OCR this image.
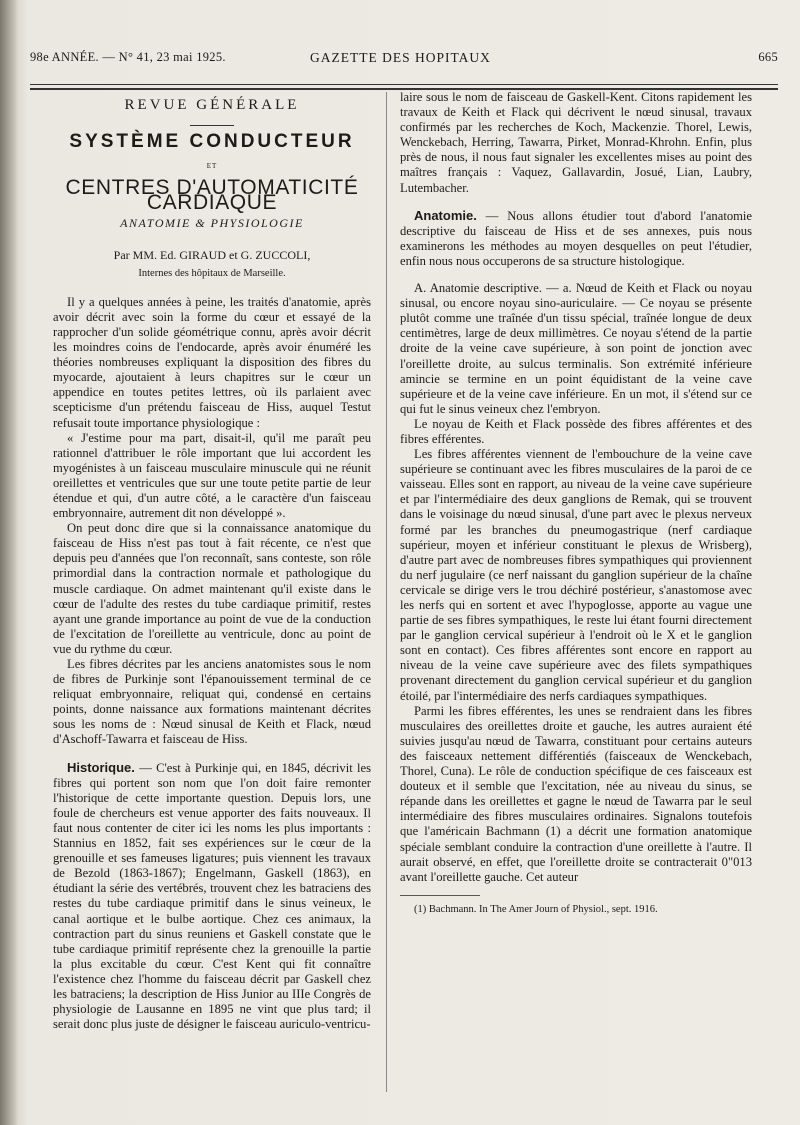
98e ANNÉE. — N° 41, 23 mai 1925.	GAZETTE DES HOPITAUX	665
REVUE GÉNÉRALE
SYSTÈME CONDUCTEUR
ET
CENTRES D'AUTOMATICITÉ CARDIAQUE
ANATOMIE & PHYSIOLOGIE
Par MM. Ed. GIRAUD et G. ZUCCOLI,
Internes des hôpitaux de Marseille.

Il y a quelques années à peine, les traités d'anatomie, après avoir décrit avec soin la forme du cœur et essayé de la rapprocher d'un solide géométrique connu, après avoir décrit les moindres coins de l'endocarde, après avoir énuméré les théories nombreuses expliquant la disposition des fibres du myocarde, ajoutaient à leurs chapitres sur le cœur un appendice en toutes petites lettres, où ils parlaient avec scepticisme d'un prétendu faisceau de Hiss, auquel Testut refusait toute importance physiologique :

« J'estime pour ma part, disait-il, qu'il me paraît peu rationnel d'attribuer le rôle important que lui accordent les myogénistes à un faisceau musculaire minuscule qui ne réunit oreillettes et ventricules que sur une toute petite partie de leur étendue et qui, d'un autre côté, a le caractère d'un faisceau embryonnaire, autrement dit non développé ».

On peut donc dire que si la connaissance anatomique du faisceau de Hiss n'est pas tout à fait récente, ce n'est que depuis peu d'années que l'on reconnaît, sans conteste, son rôle primordial dans la contraction normale et pathologique du muscle cardiaque. On admet maintenant qu'il existe dans le cœur de l'adulte des restes du tube cardiaque primitif, restes ayant une grande importance au point de vue de la conduction de l'excitation de l'oreillette au ventricule, donc au point de vue du rythme du cœur.

Les fibres décrites par les anciens anatomistes sous le nom de fibres de Purkinje sont l'épanouissement terminal de ce reliquat embryonnaire, reliquat qui, condensé en certains points, donne naissance aux formations maintenant décrites sous les noms de : Nœud sinusal de Keith et Flack, nœud d'Aschoff-Tawarra et faisceau de Hiss.

Historique. — C'est à Purkinje qui, en 1845, décrivit les fibres qui portent son nom que l'on doit faire remonter l'historique de cette importante question. Depuis lors, une foule de chercheurs est venue apporter des faits nouveaux. Il faut nous contenter de citer ici les noms les plus importants : Stannius en 1852, fait ses expériences sur le cœur de la grenouille et ses fameuses ligatures; puis viennent les travaux de Bezold (1863-1867); Engelmann, Gaskell (1863), en étudiant la série des vertébrés, trouvent chez les batraciens des restes du tube cardiaque primitif dans le sinus veineux, le canal aortique et le bulbe aortique. Chez ces animaux, la contraction part du sinus reuniens et Gaskell constate que le tube cardiaque primitif représente chez la grenouille la partie la plus excitable du cœur. C'est Kent qui fit connaître l'existence chez l'homme du faisceau décrit par Gaskell chez les batraciens; la description de Hiss Junior au IIIe Congrès de physiologie de Lausanne en 1895 ne vint que plus tard; il serait donc plus juste de désigner le faisceau auriculo-ventricu-

laire sous le nom de faisceau de Gaskell-Kent. Citons rapidement les travaux de Keith et Flack qui décrivent le nœud sinusal, travaux confirmés par les recherches de Koch, Mackenzie. Thorel, Lewis, Wenckebach, Herring, Tawarra, Pirket, Monrad-Khrohn. Enfin, plus près de nous, il nous faut signaler les excellentes mises au point des maîtres français : Vaquez, Gallavardin, Josué, Lian, Laubry, Lutembacher.

Anatomie. — Nous allons étudier tout d'abord l'anatomie descriptive du faisceau de Hiss et de ses annexes, puis nous examinerons les méthodes au moyen desquelles on peut l'étudier, enfin nous nous occuperons de sa structure histologique.

A. Anatomie descriptive. — a. Nœud de Keith et Flack ou noyau sinusal, ou encore noyau sino-auriculaire. — Ce noyau se présente plutôt comme une traînée d'un tissu spécial, traînée longue de deux centimètres, large de deux millimètres. Ce noyau s'étend de la partie droite de la veine cave supérieure, à son point de jonction avec l'oreillette droite, au sulcus terminalis. Son extrémité inférieure amincie se termine en un point équidistant de la veine cave supérieure et de la veine cave inférieure. En un mot, il s'étend sur ce qui fut le sinus veineux chez l'embryon.

Le noyau de Keith et Flack possède des fibres afférentes et des fibres efférentes.

Les fibres afférentes viennent de l'embouchure de la veine cave supérieure se continuant avec les fibres musculaires de la paroi de ce vaisseau. Elles sont en rapport, au niveau de la veine cave supérieure et par l'intermédiaire des deux ganglions de Remak, qui se trouvent dans le voisinage du nœud sinusal, d'une part avec le plexus nerveux formé par les branches du pneumogastrique (nerf cardiaque supérieur, moyen et inférieur constituant le plexus de Wrisberg), d'autre part avec de nombreuses fibres sympathiques qui proviennent du nerf jugulaire (ce nerf naissant du ganglion supérieur de la chaîne cervicale se dirige vers le trou déchiré postérieur, s'anastomose avec les nerfs qui en sortent et avec l'hypoglosse, apporte au vague une partie de ses fibres sympathiques, le reste lui étant fourni directement par le ganglion cervical supérieur à l'endroit où le X et le ganglion sont en contact). Ces fibres afférentes sont encore en rapport au niveau de la veine cave supérieure avec des filets sympathiques provenant directement du ganglion cervical supérieur et du ganglion étoilé, par l'intermédiaire des nerfs cardiaques sympathiques.

Parmi les fibres efférentes, les unes se rendraient dans les fibres musculaires des oreillettes droite et gauche, les autres auraient été suivies jusqu'au nœud de Tawarra, constituant pour certains auteurs des faisceaux nettement différentiés (faisceaux de Wenckebach, Thorel, Cuna). Le rôle de conduction spécifique de ces faisceaux est douteux et il semble que l'excitation, née au niveau du sinus, se répande dans les oreillettes et gagne le nœud de Tawarra par le seul intermédiaire des fibres musculaires ordinaires. Signalons toutefois que l'américain Bachmann (1) a décrit une formation anatomique spéciale semblant conduire la contraction d'une oreillette à l'autre. Il aurait observé, en effet, que l'oreillette droite se contracterait 0"013 avant l'oreillette gauche. Cet auteur

(1) Bachmann. In The Amer Journ of Physiol., sept. 1916.
